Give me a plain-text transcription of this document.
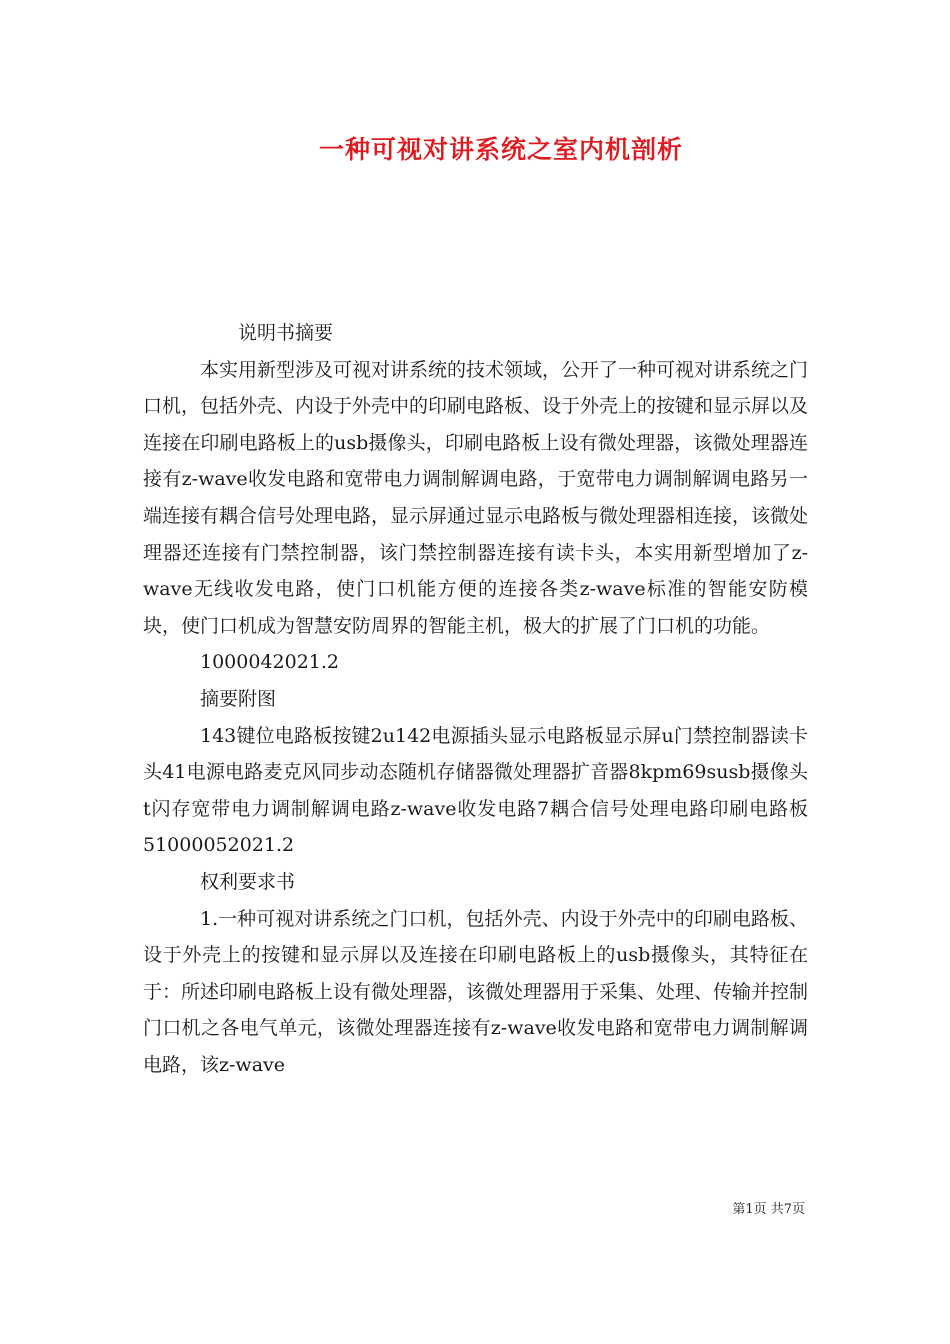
一种可视对讲系统之室内机剖析

说明书摘要

本实用新型涉及可视对讲系统的技术领域，公开了一种可视对讲系统之门口机，包括外壳、内设于外壳中的印刷电路板、设于外壳上的按键和显示屏以及连接在印刷电路板上的usb摄像头，印刷电路板上设有微处理器，该微处理器连接有z-wave收发电路和宽带电力调制解调电路，于宽带电力调制解调电路另一端连接有耦合信号处理电路，显示屏通过显示电路板与微处理器相连接，该微处理器还连接有门禁控制器，该门禁控制器连接有读卡头，本实用新型增加了z-wave无线收发电路，使门口机能方便的连接各类z-wave标准的智能安防模块，使门口机成为智慧安防周界的智能主机，极大的扩展了门口机的功能。

1000042021.2

摘要附图

143键位电路板按键2u142电源插头显示电路板显示屏u门禁控制器读卡头41电源电路麦克风同步动态随机存储器微处理器扩音器8kpm69susb摄像头t闪存宽带电力调制解调电路z-wave收发电路7耦合信号处理电路印刷电路板51000052021.2

权利要求书

1.一种可视对讲系统之门口机，包括外壳、内设于外壳中的印刷电路板、设于外壳上的按键和显示屏以及连接在印刷电路板上的usb摄像头，其特征在于：所述印刷电路板上设有微处理器，该微处理器用于采集、处理、传输并控制门口机之各电气单元，该微处理器连接有z-wave收发电路和宽带电力调制解调电路，该z-wave

第1页 共7页
